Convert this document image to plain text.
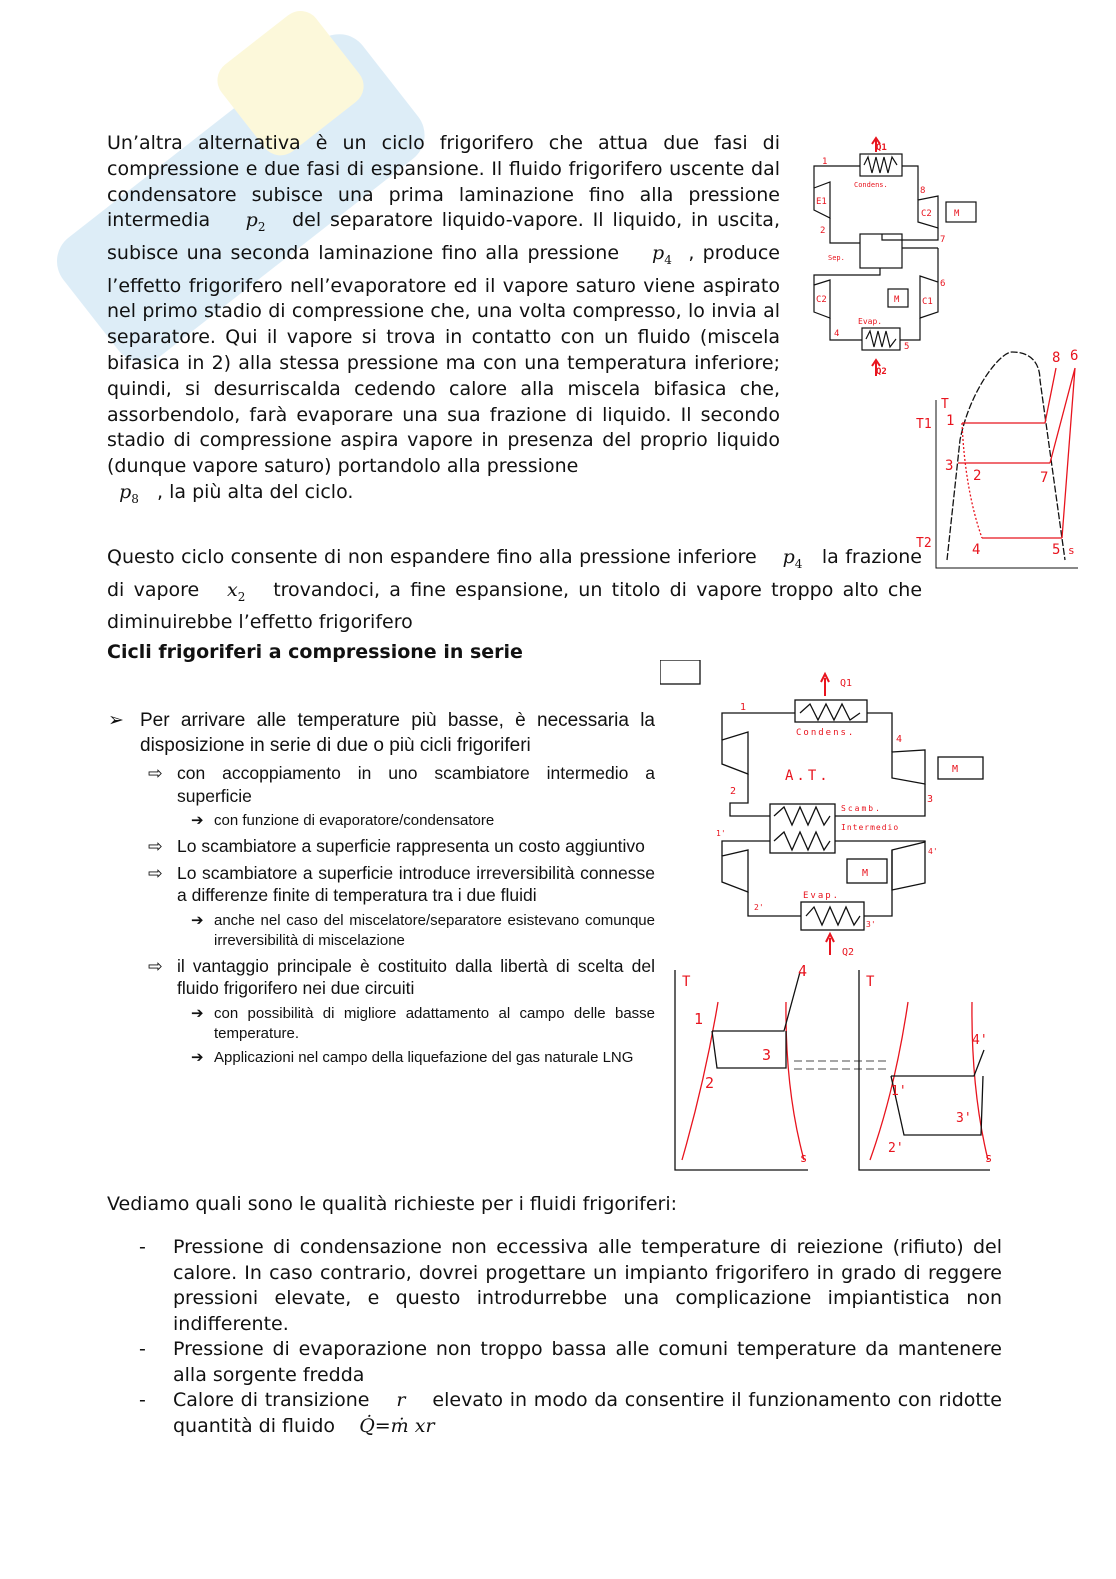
Un’altra alternativa è un ciclo frigorifero che attua due fasi di compressione e due fasi di espansione. Il fluido frigorifero uscente dal condensatore subisce una prima laminazione fino alla pressione intermedia $p_2$ del separatore liquido-vapore. Il liquido, in uscita, subisce una seconda laminazione fino alla pressione $p_4$ , produce l’effetto frigorifero nell’evaporatore ed il vapore saturo viene aspirato nel primo stadio di compressione che, una volta compresso, lo invia al separatore. Qui il vapore si trova in contatto con un fluido (miscela bifasica in 2) alla stessa pressione ma con una temperatura inferiore; quindi, si desurriscalda cedendo calore alla miscela bifasica che, assorbendolo, farà evaporare una sua frazione di liquido. Il secondo stadio di compressione aspira vapore in presenza del proprio liquido (dunque vapore saturo) portandolo alla pressione
$p_8$ , la più alta del ciclo.

Questo ciclo consente di non espandere fino alla pressione inferiore $p_4$ la frazione di vapore $x_2$ trovandoci, a fine espansione, un titolo di vapore troppo alto che diminuirebbe l’effetto frigorifero

Cicli frigoriferi a compressione in serie
➢ Per arrivare alle temperature più basse, è necessaria la disposizione in serie di due o più cicli frigoriferi
⇨ con accoppiamento in uno scambiatore intermedio a superficie
➔ con funzione di evaporatore/condensatore
⇨ Lo scambiatore a superficie rappresenta un costo aggiuntivo
⇨ Lo scambiatore a superficie introduce irreversibilità connesse a differenze finite di temperatura tra i due fluidi
➔ anche nel caso del miscelatore/separatore esistevano comunque irreversibilità di miscelazione
⇨ il vantaggio principale è costituito dalla libertà di scelta del fluido frigorifero nei due circuiti
➔ con possibilità di migliore adattamento al campo delle basse temperature.
➔ Applicazioni nel campo della liquefazione del gas naturale LNG

Vediamo quali sono le qualità richieste per i fluidi frigoriferi:

- Pressione di condensazione non eccessiva alle temperature di reiezione (rifiuto) del calore. In caso contrario, dovrei progettare un impianto frigorifero in grado di reggere pressioni elevate, e questo introdurrebbe una complicazione impiantistica non indifferente.
- Pressione di evaporazione non troppo bassa alle comuni temperature da mantenere alla sorgente fredda
- Calore di transizione r elevato in modo da consentire il funzionamento con ridotte quantità di fluido Q̇=ṁ xr
Q1
Q2
Condens.
Evap.
Sep.
E1
C2
C2	C1
M
M
1
2
4
5
6
7
8
T
T1
T2	s
1
2
3
4	5
6
7
8
Q1
Q2
Condens.
Evap.
A.T.
Scamb.
Intermedio
M
M
1
2
3
4
1'
2'
3'
4'
T	T
s	s
1
2
3
4
1'
2'
3'
4'
